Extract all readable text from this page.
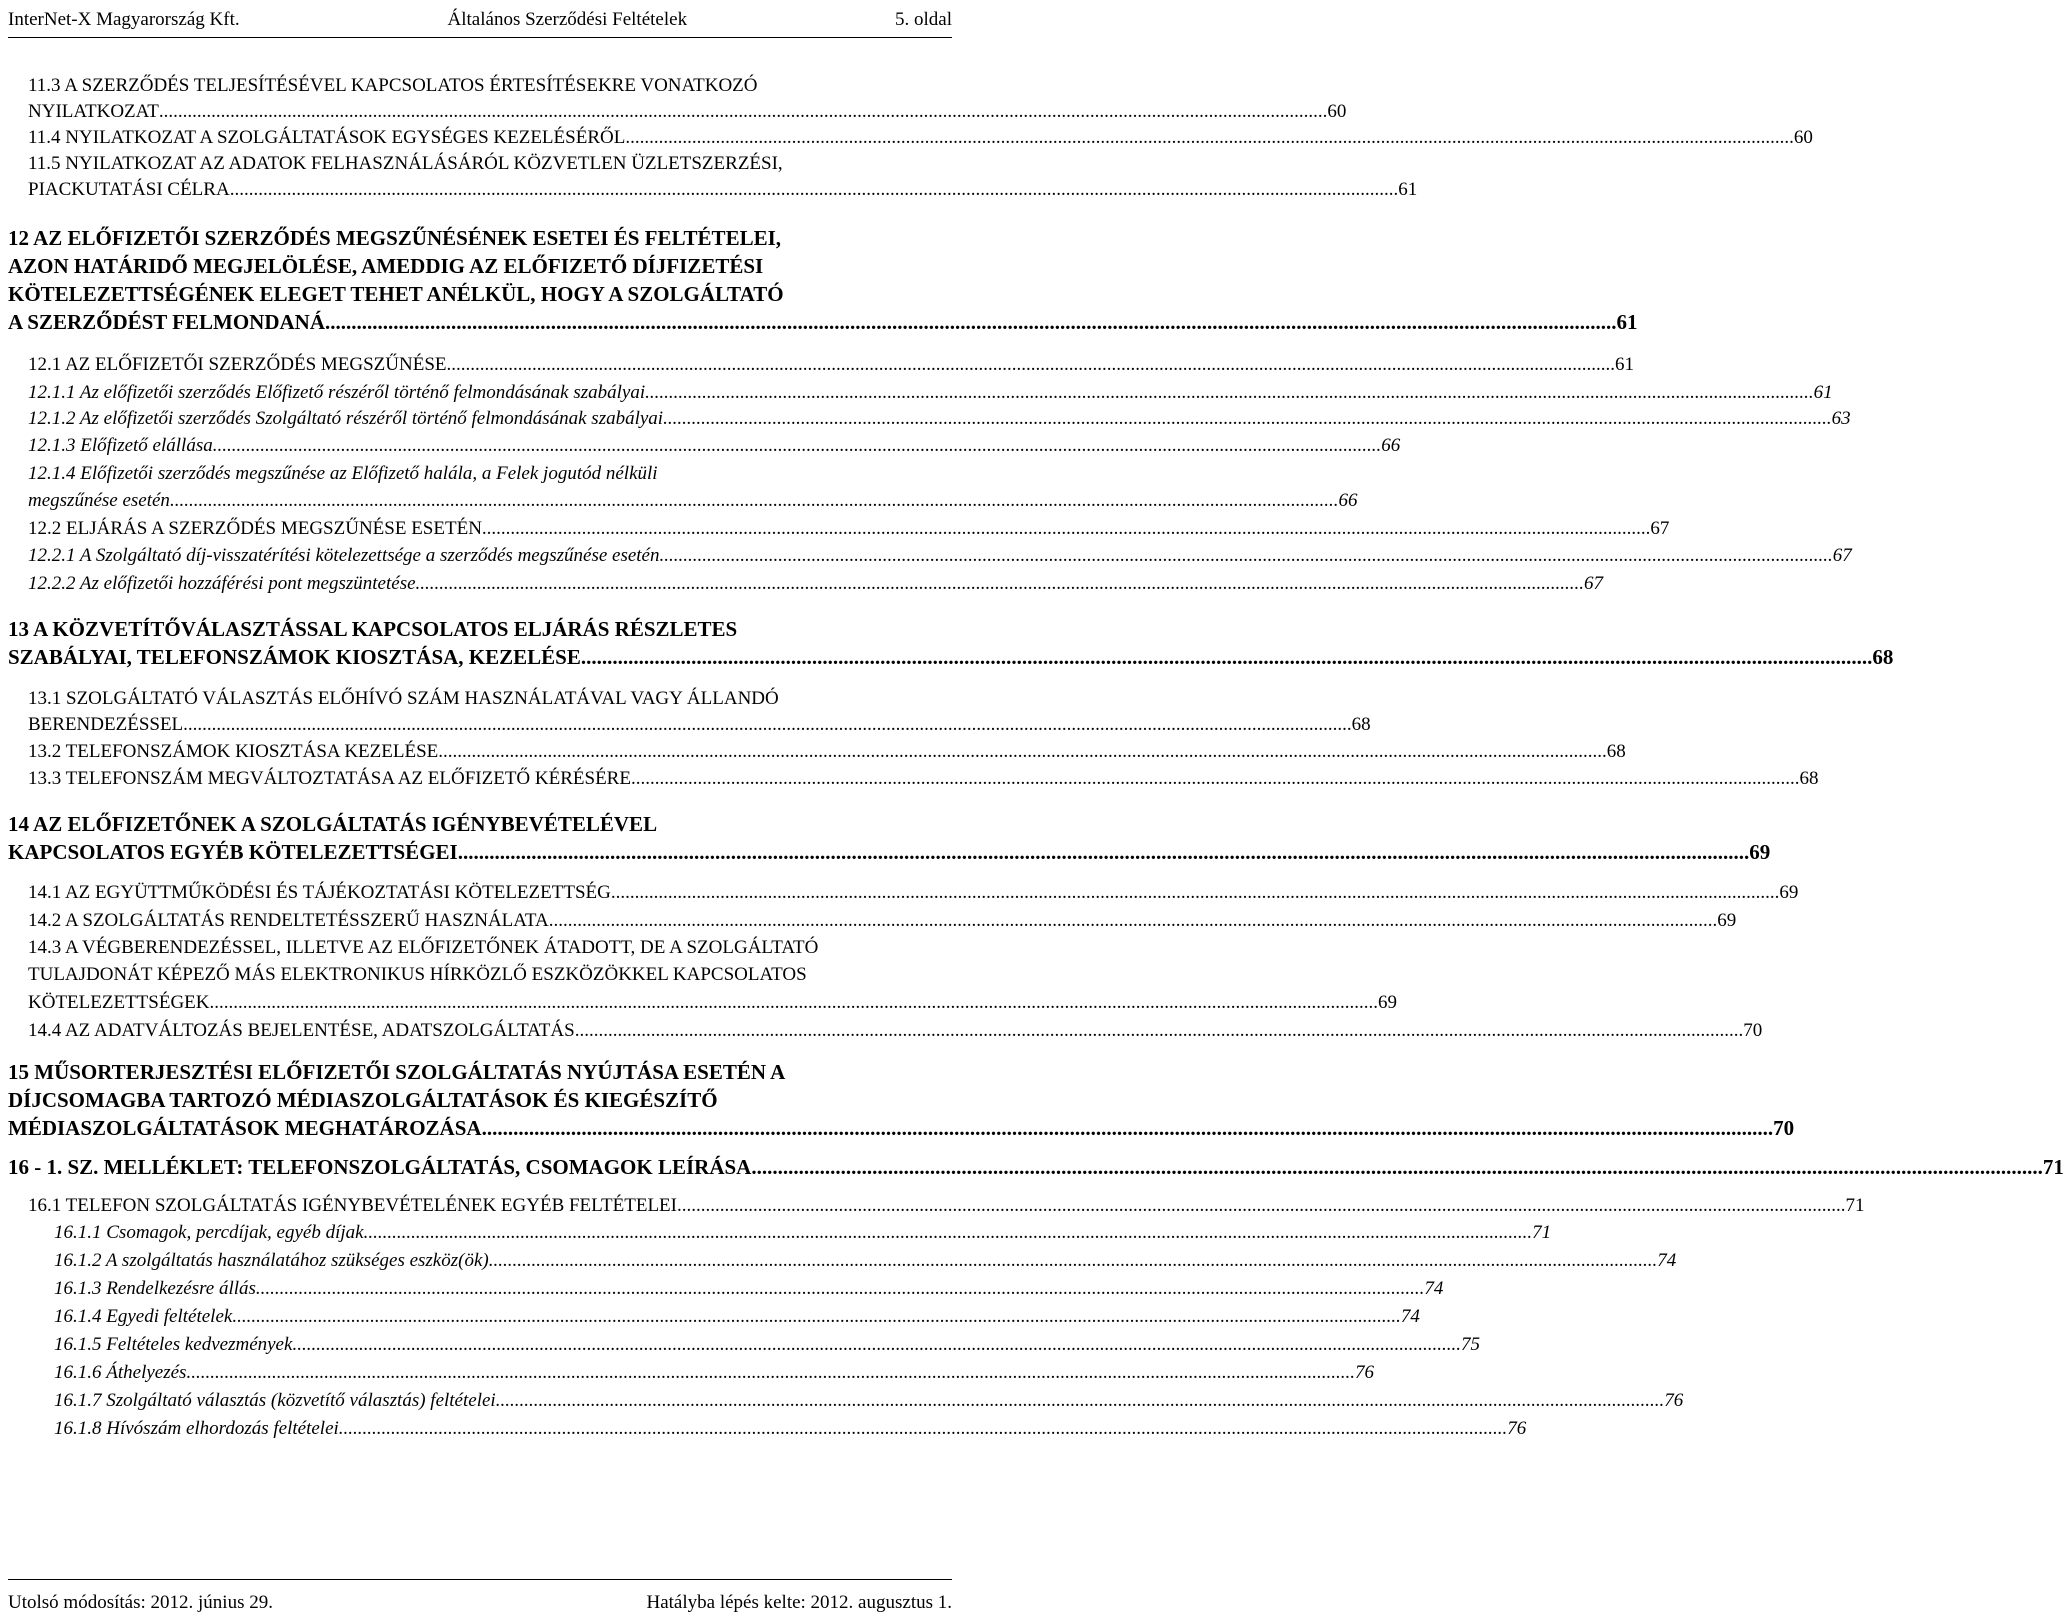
InterNet-X Magyarország Kft.	Általános Szerződési Feltételek	5. oldal
11.3 A SZERZŐDÉS TELJESÍTÉSÉVEL KAPCSOLATOS ÉRTESÍTÉSEKRE VONATKOZÓ
NYILATKOZAT .....	60
11.4 NYILATKOZAT A SZOLGÁLTATÁSOK EGYSÉGES KEZELÉSÉRŐL .....	60
11.5 NYILATKOZAT AZ ADATOK FELHASZNÁLÁSÁRÓL KÖZVETLEN ÜZLETSZERZÉSI,
PIACKUTATÁSI CÉLRA .....	61
12 AZ ELŐFIZETŐI SZERZŐDÉS MEGSZŰNÉSÉNEK ESETEI ÉS FELTÉTELEI,
AZON HATÁRIDŐ MEGJELÖLÉSE, AMEDDIG AZ ELŐFIZETŐ DÍJFIZETÉSI
KÖTELEZETTSÉGÉNEK ELEGET TEHET ANÉLKÜL, HOGY A SZOLGÁLTATÓ
A SZERZŐDÉST FELMONDANÁ .....	61
12.1 AZ ELŐFIZETŐI SZERZŐDÉS MEGSZŰNÉSE .....	61
12.1.1 Az előfizetői szerződés Előfizető részéről történő felmondásának szabályai .....	61
12.1.2 Az előfizetői szerződés Szolgáltató részéről történő felmondásának szabályai .....	63
12.1.3 Előfizető elállása .....	66
12.1.4 Előfizetői szerződés megszűnése az Előfizető halála, a Felek jogutód nélküli
megszűnése esetén .....	66
12.2 ELJÁRÁS A SZERZŐDÉS MEGSZŰNÉSE ESETÉN .....	67
12.2.1 A Szolgáltató díj-visszatérítési kötelezettsége a szerződés megszűnése esetén. .....	67
12.2.2 Az előfizetői hozzáférési pont megszüntetése .....	67
13 A KÖZVETÍTŐVÁLASZTÁSSAL KAPCSOLATOS ELJÁRÁS RÉSZLETES
SZABÁLYAI, TELEFONSZÁMOK KIOSZTÁSA, KEZELÉSE .....	68
13.1 SZOLGÁLTATÓ VÁLASZTÁS ELŐHÍVÓ SZÁM HASZNÁLATÁVAL VAGY ÁLLANDÓ
BERENDEZÉSSEL .....	68
13.2 TELEFONSZÁMOK KIOSZTÁSA KEZELÉSE .....	68
13.3 TELEFONSZÁM MEGVÁLTOZTATÁSA AZ ELŐFIZETŐ KÉRÉSÉRE .....	68
14 AZ ELŐFIZETŐNEK A SZOLGÁLTATÁS IGÉNYBEVÉTELÉVEL
KAPCSOLATOS EGYÉB KÖTELEZETTSÉGEI .....	69
14.1 AZ EGYÜTTMŰKÖDÉSI ÉS TÁJÉKOZTATÁSI KÖTELEZETTSÉG .....	69
14.2 A SZOLGÁLTATÁS RENDELTETÉSSZERŰ HASZNÁLATA .....	69
14.3 A VÉGBERENDEZÉSSEL, ILLETVE AZ ELŐFIZETŐNEK ÁTADOTT, DE A SZOLGÁLTATÓ
TULAJDONÁT KÉPEZŐ MÁS ELEKTRONIKUS HÍRKÖZLŐ ESZKÖZÖKKEL KAPCSOLATOS
KÖTELEZETTSÉGEK .....	69
14.4 AZ ADATVÁLTOZÁS BEJELENTÉSE, ADATSZOLGÁLTATÁS .....	70
15 MŰSORTERJESZTÉSI ELŐFIZETŐI SZOLGÁLTATÁS NYÚJTÁSA ESETÉN A
DÍJCSOMAGBA TARTOZÓ MÉDIASZOLGÁLTATÁSOK ÉS KIEGÉSZÍTŐ
MÉDIASZOLGÁLTATÁSOK MEGHATÁROZÁSA .....	70
16 - 1. SZ. MELLÉKLET: TELEFONSZOLGÁLTATÁS, CSOMAGOK LEÍRÁSA .....	71
16.1 TELEFON SZOLGÁLTATÁS IGÉNYBEVÉTELÉNEK EGYÉB FELTÉTELEI .....	71
16.1.1 Csomagok, percdíjak, egyéb díjak .....	71
16.1.2 A szolgáltatás használatához szükséges eszköz(ök) .....	74
16.1.3 Rendelkezésre állás .....	74
16.1.4 Egyedi feltételek .....	74
16.1.5 Feltételes kedvezmények .....	75
16.1.6 Áthelyezés .....	76
16.1.7 Szolgáltató választás (közvetítő választás) feltételei .....	76
16.1.8 Hívószám elhordozás feltételei .....	76
Utolsó módosítás: 2012. június 29.	Hatályba lépés kelte: 2012. augusztus 1.
